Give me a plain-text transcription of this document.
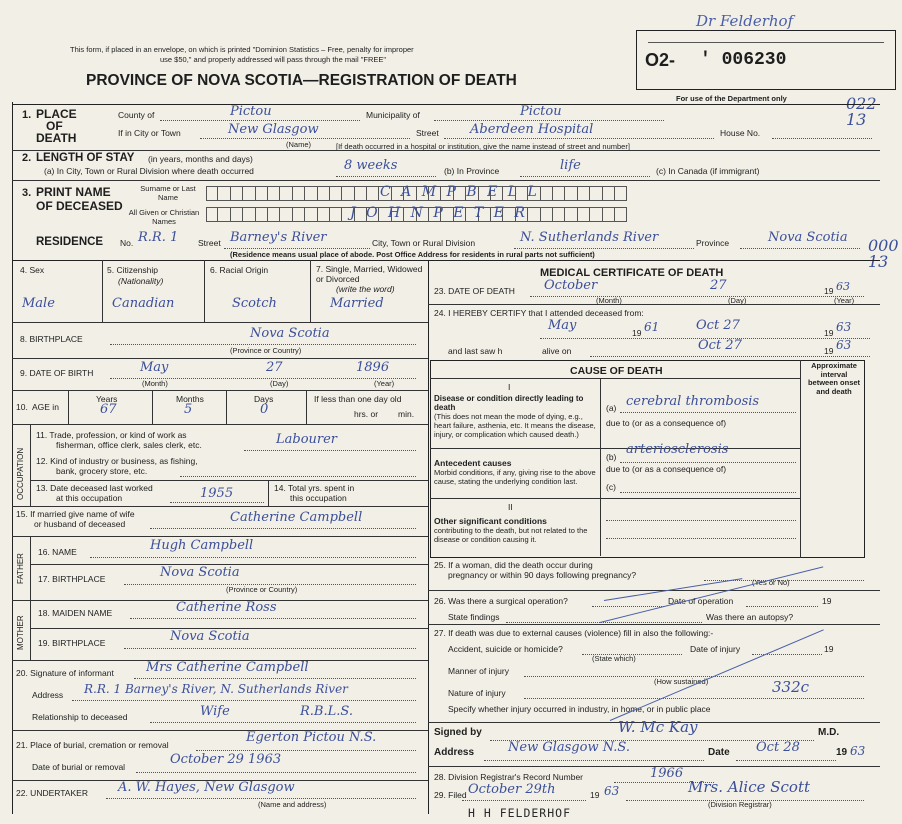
This form, if placed in an envelope, on which is printed "Dominion Statistics – Free, penalty for improper
use $50," and properly addressed will pass through the mail "FREE"
PROVINCE OF NOVA SCOTIA—REGISTRATION OF DEATH
Dr Felderhof
O2- ' 006230
For use of the Department only	022 13
1. PLACE
OF
DEATH
County of	Pictou	Municipality of	Pictou
If in City or Town	New Glasgow
(Name)
Street Aberdeen Hospital	House No.
[If death occurred in a hospital or institution, give the name instead of street and number]
2. LENGTH OF STAY (in years, months and days)
(a) In City, Town or Rural Division where death occurred	8 weeks	(b) In Province	life	(c) In Canada (if immigrant)
3. PRINT NAME
OF DECEASED
Surname or Last Name
All Given or Christian Names
C A M P B E L L
J O H N P E T E R
RESIDENCE No. R.R. 1 Street Barney's River	City, Town or Rural Division	N. Sutherlands River	Province	Nova Scotia
(Residence means usual place of abode. Post Office Address for residents in rural parts not sufficient)	000 13
4. Sex
Male
5. Citizenship
(Nationality)
Canadian
6. Racial Origin
Scotch
7. Single, Married, Widowed or Divorced
(write the word)
Married
8. BIRTHPLACE	Nova Scotia
(Province or Country)
9. DATE OF BIRTH	May	27	1896
(Month)	(Day)	(Year)
10. AGE in
Years	Months	Days
67	5	0
If less than one day old
hrs. or min.
OCCUPATION
11. Trade, profession, or kind of work as
fisherman, office clerk, sales clerk, etc.	Labourer
12. Kind of industry or business, as fishing,
bank, grocery store, etc.
13. Date deceased last worked
at this occupation	1955	14. Total yrs. spent in
this occupation
15. If married give name of wife
or husband of deceased	Catherine Campbell
FATHER
16. NAME	Hugh Campbell
17. BIRTHPLACE	Nova Scotia
(Province or Country)
MOTHER
18. MAIDEN NAME	Catherine Ross
19. BIRTHPLACE	Nova Scotia
20. Signature of informant Mrs Catherine Campbell
Address R.R. 1 Barney's River, N. Sutherlands River
Relationship to deceased	Wife	R.B.L.S.
21. Place of burial, cremation or removal	Egerton Pictou N.S.
Date of burial or removal	October 29 1963
22. UNDERTAKER A. W. Hayes, New Glasgow
(Name and address)
MEDICAL CERTIFICATE OF DEATH
23. DATE OF DEATH October	27	19 63
(Month)	(Day)	(Year)
24. I HEREBY CERTIFY that I attended deceased from:
May	19 61	Oct 27	19 63
and last saw h	alive on	Oct 27	19 63
CAUSE OF DEATH	Approximate interval between onset and death
I
Disease or condition directly leading to death
(This does not mean the mode of dying, e.g., heart failure, asthenia, etc. It means the disease, injury, or complication which caused death.)
(a) cerebral thrombosis
due to (or as a consequence of)
Antecedent causes
Morbid conditions, if any, giving rise to the above cause, stating the underlying condition last.
(b) arteriosclerosis
due to (or as a consequence of)
(c)
II
Other significant conditions
contributing to the death, but not related to the disease or condition causing it.
25. If a woman, did the death occur during
pregnancy or within 90 days following pregnancy?
(Yes or No)
26. Was there a surgical operation?	Date of operation	19
State findings	Was there an autopsy?
27. If death was due to external causes (violence) fill in also the following:-
Accident, suicide or homicide?
(State which)
Date of injury	19
Manner of injury
(How sustained)
Nature of injury	332c
Specify whether injury occurred in industry, in home, or in public place
Signed by	W. Mc Kay	M.D.
Address	New Glasgow N.S.	Date Oct 28	19 63
28. Division Registrar's Record Number	1966
29. Filed October 29th	19 63	Mrs. Alice Scott
(Division Registrar)
H H FELDERHOF
